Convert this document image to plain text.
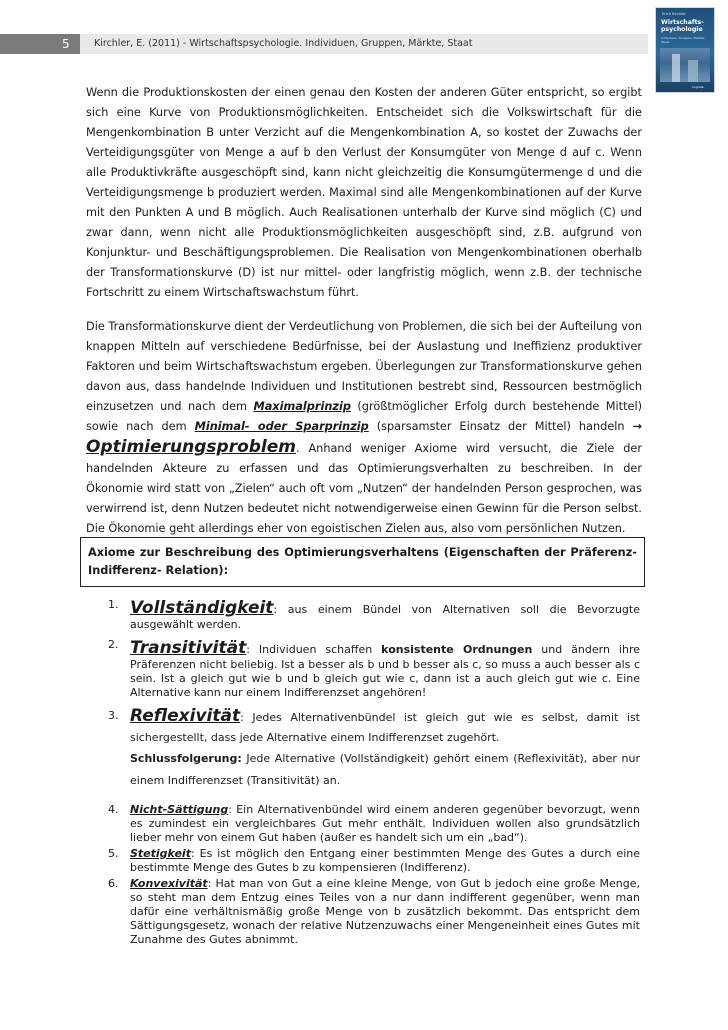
5	Kirchler, E. (2011) - Wirtschaftspsychologie. Individuen, Gruppen, Märkte, Staat
Erich Kirchler
Wirtschafts-
psychologie
Individuen, Gruppen, Märkte, Staat
hogrefe

Wenn die Produktionskosten der einen genau den Kosten der anderen Güter entspricht, so ergibt sich eine Kurve von Produktionsmöglichkeiten. Entscheidet sich die Volkswirtschaft für die Mengenkombination B unter Verzicht auf die Mengenkombination A, so kostet der Zuwachs der Verteidigungsgüter von Menge a auf b den Verlust der Konsumgüter von Menge d auf c. Wenn alle Produktivkräfte ausgeschöpft sind, kann nicht gleichzeitig die Konsumgütermenge d und die Verteidigungsmenge b produziert werden. Maximal sind alle Mengenkombinationen auf der Kurve mit den Punkten A und B möglich. Auch Realisationen unterhalb der Kurve sind möglich (C) und zwar dann, wenn nicht alle Produktionsmöglichkeiten ausgeschöpft sind, z.B. aufgrund von Konjunktur- und Beschäftigungsproblemen. Die Realisation von Mengenkombinationen oberhalb der Transformationskurve (D) ist nur mittel- oder langfristig möglich, wenn z.B. der technische Fortschritt zu einem Wirtschaftswachstum führt.

Die Transformationskurve dient der Verdeutlichung von Problemen, die sich bei der Aufteilung von knappen Mitteln auf verschiedene Bedürfnisse, bei der Auslastung und Ineffizienz produktiver Faktoren und beim Wirtschaftswachstum ergeben. Überlegungen zur Transformationskurve gehen davon aus, dass handelnde Individuen und Institutionen bestrebt sind, Ressourcen bestmöglich einzusetzen und nach dem Maximalprinzip (größtmöglicher Erfolg durch bestehende Mittel) sowie nach dem Minimal- oder Sparprinzip (sparsamster Einsatz der Mittel) handeln → Optimierungsproblem. Anhand weniger Axiome wird versucht, die Ziele der handelnden Akteure zu erfassen und das Optimierungsverhalten zu beschreiben. In der Ökonomie wird statt von „Zielen“ auch oft vom „Nutzen“ der handelnden Person gesprochen, was verwirrend ist, denn Nutzen bedeutet nicht notwendigerweise einen Gewinn für die Person selbst. Die Ökonomie geht allerdings eher von egoistischen Zielen aus, also vom persönlichen Nutzen.

Axiome zur Beschreibung des Optimierungsverhaltens (Eigenschaften der Präferenz-Indifferenz- Relation):
1. Vollständigkeit: aus einem Bündel von Alternativen soll die Bevorzugte ausgewählt werden.
2. Transitivität: Individuen schaffen konsistente Ordnungen und ändern ihre Präferenzen nicht beliebig. Ist a besser als b und b besser als c, so muss a auch besser als c sein. Ist a gleich gut wie b und b gleich gut wie c, dann ist a auch gleich gut wie c. Eine Alternative kann nur einem Indifferenzset angehören!
3. Reflexivität: Jedes Alternativenbündel ist gleich gut wie es selbst, damit ist sichergestellt, dass jede Alternative einem Indifferenzset zugehört.
Schlussfolgerung: Jede Alternative (Vollständigkeit) gehört einem (Reflexivität), aber nur einem Indifferenzset (Transitivität) an.
4. Nicht-Sättigung: Ein Alternativenbündel wird einem anderen gegenüber bevorzugt, wenn es zumindest ein vergleichbares Gut mehr enthält. Individuen wollen also grundsätzlich lieber mehr von einem Gut haben (außer es handelt sich um ein „bad“).
5. Stetigkeit: Es ist möglich den Entgang einer bestimmten Menge des Gutes a durch eine bestimmte Menge des Gutes b zu kompensieren (Indifferenz).
6. Konvexivität: Hat man von Gut a eine kleine Menge, von Gut b jedoch eine große Menge, so steht man dem Entzug eines Teiles von a nur dann indifferent gegenüber, wenn man dafür eine verhältnismäßig große Menge von b zusätzlich bekommt. Das entspricht dem Sättigungsgesetz, wonach der relative Nutzenzuwachs einer Mengeneinheit eines Gutes mit Zunahme des Gutes abnimmt.
